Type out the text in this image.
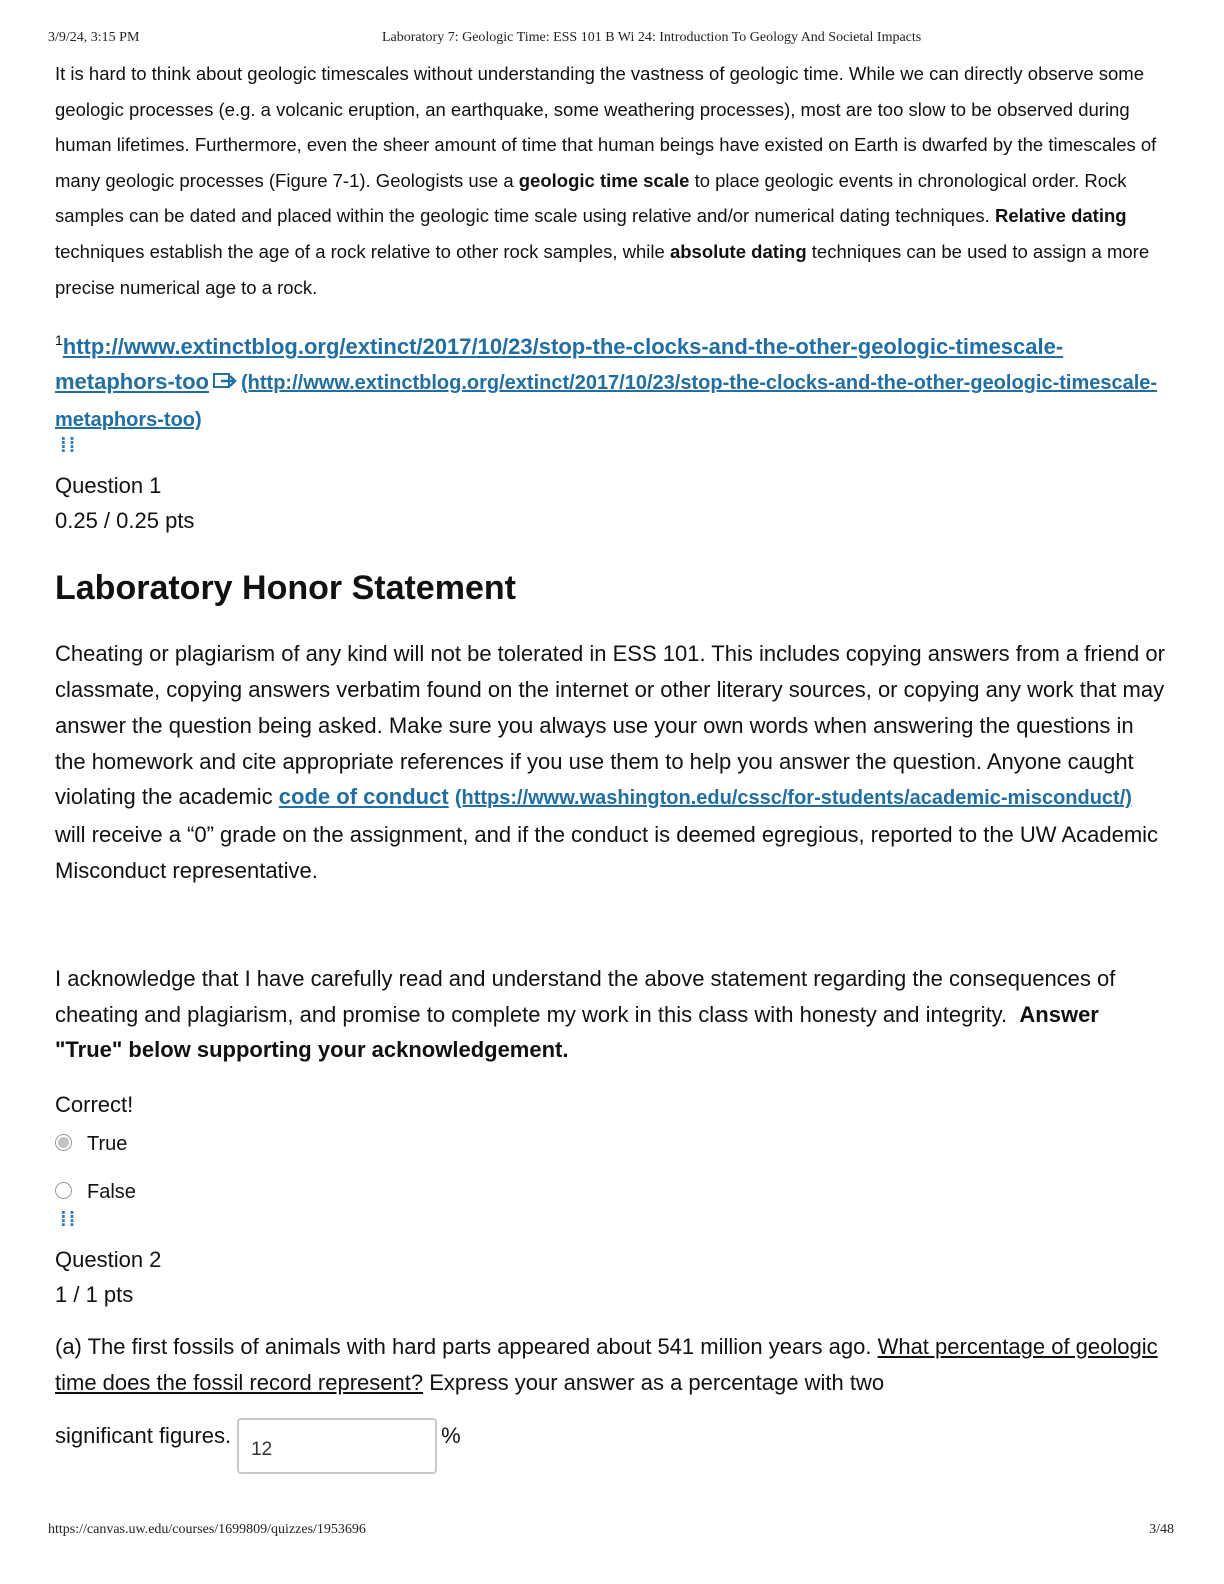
3/9/24, 3:15 PM	Laboratory 7: Geologic Time: ESS 101 B Wi 24: Introduction To Geology And Societal Impacts

It is hard to think about geologic timescales without understanding the vastness of geologic time. While we can directly observe some geologic processes (e.g. a volcanic eruption, an earthquake, some weathering processes), most are too slow to be observed during human lifetimes. Furthermore, even the sheer amount of time that human beings have existed on Earth is dwarfed by the timescales of many geologic processes (Figure 7-1). Geologists use a geologic time scale to place geologic events in chronological order. Rock samples can be dated and placed within the geologic time scale using relative and/or numerical dating techniques. Relative dating techniques establish the age of a rock relative to other rock samples, while absolute dating techniques can be used to assign a more precise numerical age to a rock.

$^1$http://www.extinctblog.org/extinct/2017/10/23/stop-the-clocks-and-the-other-geologic-timescale-metaphors-too (http://www.extinctblog.org/extinct/2017/10/23/stop-the-clocks-and-the-other-geologic-timescale-metaphors-too)
⁞⁞

Question 1

0.25 / 0.25 pts

Laboratory Honor Statement

Cheating or plagiarism of any kind will not be tolerated in ESS 101. This includes copying answers from a friend or classmate, copying answers verbatim found on the internet or other literary sources, or copying any work that may answer the question being asked. Make sure you always use your own words when answering the questions in the homework and cite appropriate references if you use them to help you answer the question. Anyone caught violating the academic code of conduct (https://www.washington.edu/cssc/for-students/academic-misconduct/) will receive a “0” grade on the assignment, and if the conduct is deemed egregious, reported to the UW Academic Misconduct representative.

I acknowledge that I have carefully read and understand the above statement regarding the consequences of cheating and plagiarism, and promise to complete my work in this class with honesty and integrity.  Answer "True" below supporting your acknowledgement.

Correct!
True
False
⁞⁞

Question 2

1 / 1 pts

(a) The first fossils of animals with hard parts appeared about 541 million years ago. What percentage of geologic time does the fossil record represent? Express your answer as a percentage with two
significant figures.12%

https://canvas.uw.edu/courses/1699809/quizzes/1953696	3/48
